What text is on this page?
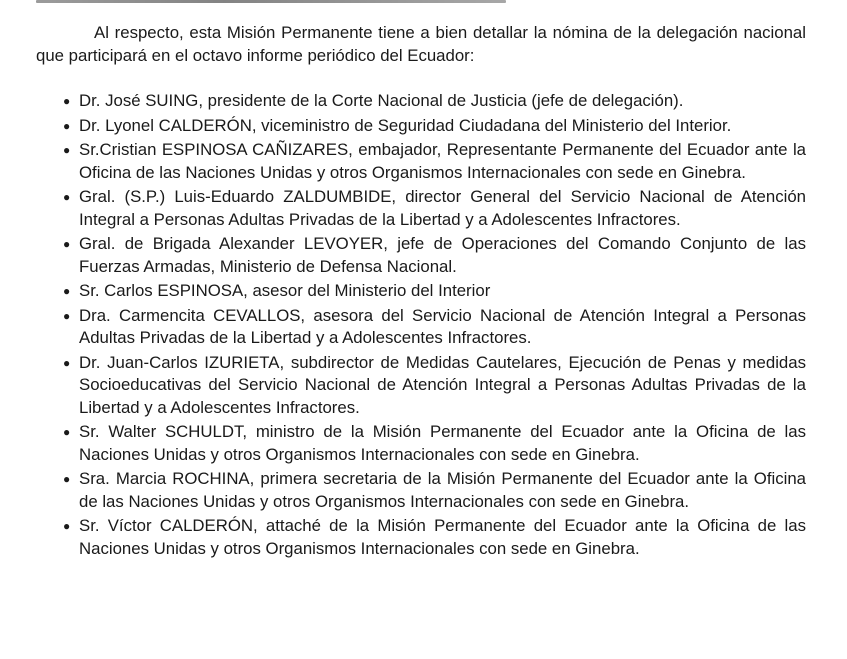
Al respecto, esta Misión Permanente tiene a bien detallar la nómina de la delegación nacional que participará en el octavo informe periódico del Ecuador:

● Dr. José SUING, presidente de la Corte Nacional de Justicia (jefe de delegación).
● Dr. Lyonel CALDERÓN, viceministro de Seguridad Ciudadana del Ministerio del Interior.
● Sr.Cristian ESPINOSA CAÑIZARES, embajador, Representante Permanente del Ecuador ante la Oficina de las Naciones Unidas y otros Organismos Internacionales con sede en Ginebra.
● Gral. (S.P.) Luis-Eduardo ZALDUMBIDE, director General del Servicio Nacional de Atención Integral a Personas Adultas Privadas de la Libertad y a Adolescentes Infractores.
● Gral. de Brigada Alexander LEVOYER, jefe de Operaciones del Comando Conjunto de las Fuerzas Armadas, Ministerio de Defensa Nacional.
● Sr. Carlos ESPINOSA, asesor del Ministerio del Interior
● Dra. Carmencita CEVALLOS, asesora del Servicio Nacional de Atención Integral a Personas Adultas Privadas de la Libertad y a Adolescentes Infractores.
● Dr. Juan-Carlos IZURIETA, subdirector de Medidas Cautelares, Ejecución de Penas y medidas Socioeducativas del Servicio Nacional de Atención Integral a Personas Adultas Privadas de la Libertad y a Adolescentes Infractores.
● Sr. Walter SCHULDT, ministro de la Misión Permanente del Ecuador ante la Oficina de las Naciones Unidas y otros Organismos Internacionales con sede en Ginebra.
● Sra. Marcia ROCHINA, primera secretaria de la Misión Permanente del Ecuador ante la Oficina de las Naciones Unidas y otros Organismos Internacionales con sede en Ginebra.
● Sr. Víctor CALDERÓN, attaché de la Misión Permanente del Ecuador ante la Oficina de las Naciones Unidas y otros Organismos Internacionales con sede en Ginebra.
